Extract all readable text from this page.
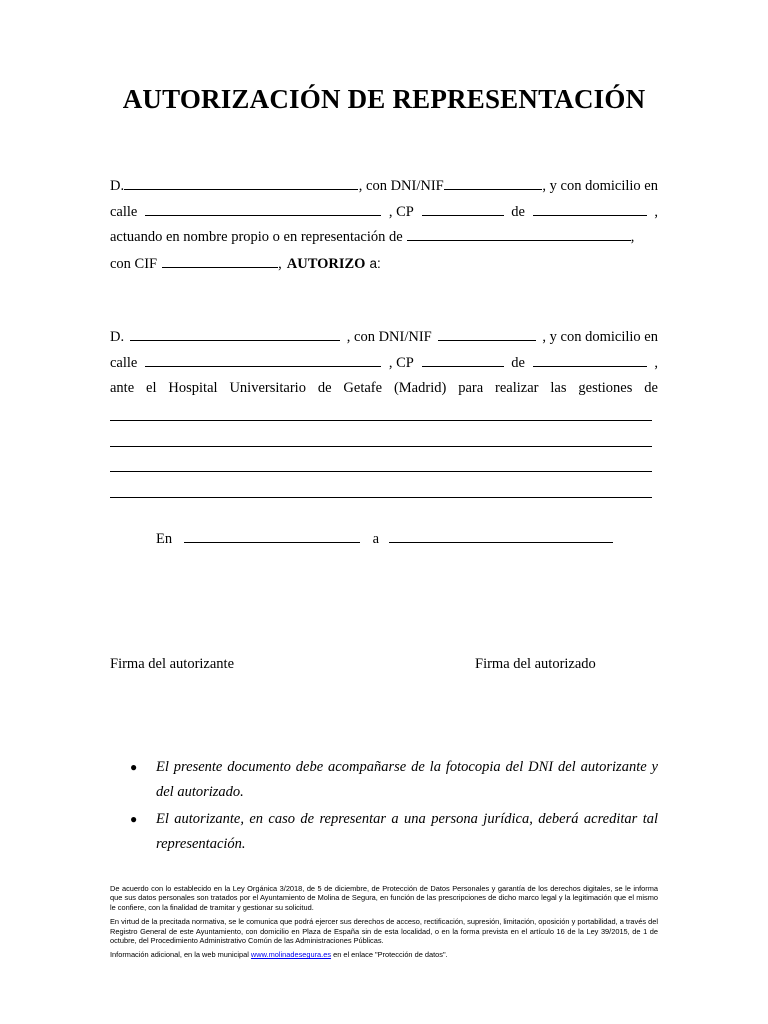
AUTORIZACIÓN DE REPRESENTACIÓN
D.	, con DNI/NIF	, y con domicilio en
calle	, CP	de	,
actuando en nombre propio o en representación de	,
con CIF	, AUTORIZO a:
D.	, con DNI/NIF	, y con domicilio en
calle	, CP	de	,
ante el Hospital Universitario de Getafe (Madrid) para realizar las gestiones de
En	a
Firma del autorizante	Firma del autorizado
● El presente documento debe acompañarse de la fotocopia del DNI del autorizante y del autorizado.
● El autorizante, en caso de representar a una persona jurídica, deberá acreditar tal representación.

De acuerdo con lo establecido en la Ley Orgánica 3/2018, de 5 de diciembre, de Protección de Datos Personales y garantía de los derechos digitales, se le informa que sus datos personales son tratados por el Ayuntamiento de Molina de Segura, en función de las prescripciones de dicho marco legal y la legitimación que el mismo le confiere, con la finalidad de tramitar y gestionar su solicitud.

En virtud de la precitada normativa, se le comunica que podrá ejercer sus derechos de acceso, rectificación, supresión, limitación, oposición y portabilidad, a través del Registro General de este Ayuntamiento, con domicilio en Plaza de España sin de esta localidad, o en la forma prevista en el artículo 16 de la Ley 39/2015, de 1 de octubre, del Procedimiento Administrativo Común de las Administraciones Públicas.

Información adicional, en la web municipal www.molinadesegura.es en el enlace "Protección de datos".
